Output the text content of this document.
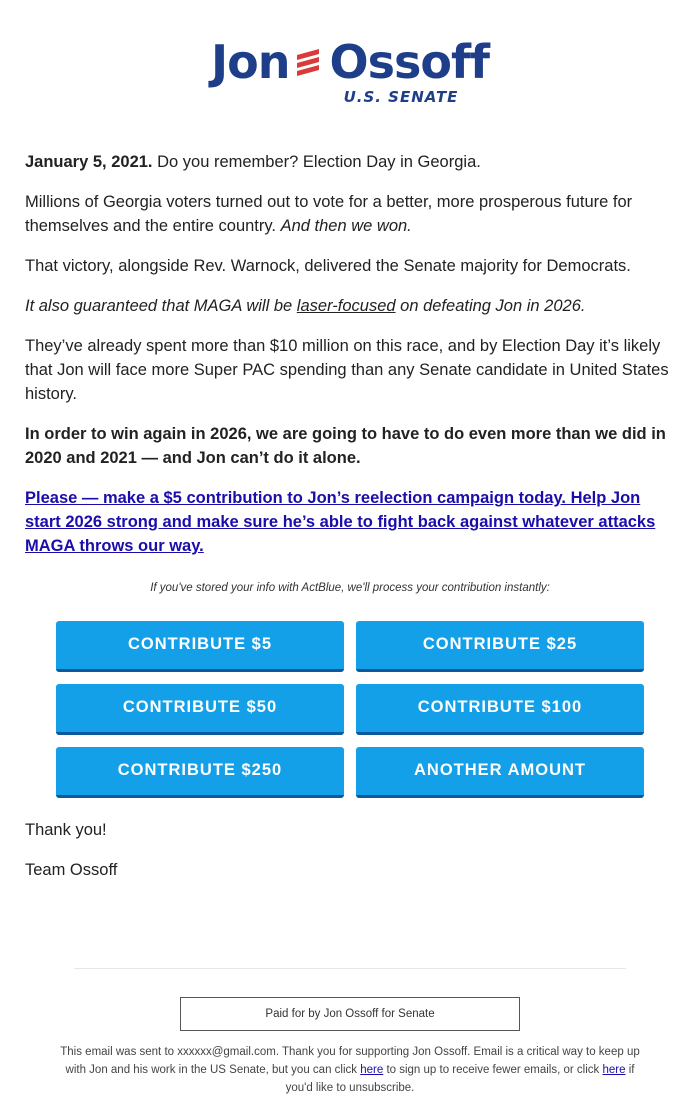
Jon Ossoff
U.S. SENATE

January 5, 2021. Do you remember? Election Day in Georgia.

Millions of Georgia voters turned out to vote for a better, more prosperous future for themselves and the entire country. And then we won.

That victory, alongside Rev. Warnock, delivered the Senate majority for Democrats.

It also guaranteed that MAGA will be laser-focused on defeating Jon in 2026.

They’ve already spent more than $10 million on this race, and by Election Day it’s likely that Jon will face more Super PAC spending than any Senate candidate in United States history.

In order to win again in 2026, we are going to have to do even more than we did in 2020 and 2021 — and Jon can’t do it alone.

Please — make a $5 contribution to Jon’s reelection campaign today. Help Jon start 2026 strong and make sure he’s able to fight back against whatever attacks MAGA throws our way.

If you've stored your info with ActBlue, we'll process your contribution instantly:
CONTRIBUTE $5	CONTRIBUTE $25
CONTRIBUTE $50	CONTRIBUTE $100
CONTRIBUTE $250	ANOTHER AMOUNT
Thank you!
Team Ossoff
Paid for by Jon Ossoff for Senate
This email was sent to xxxxxx@gmail.com. Thank you for supporting Jon Ossoff. Email is a critical way to keep up with Jon and his work in the US Senate, but you can click here to sign up to receive fewer emails, or click here if you'd like to unsubscribe.
